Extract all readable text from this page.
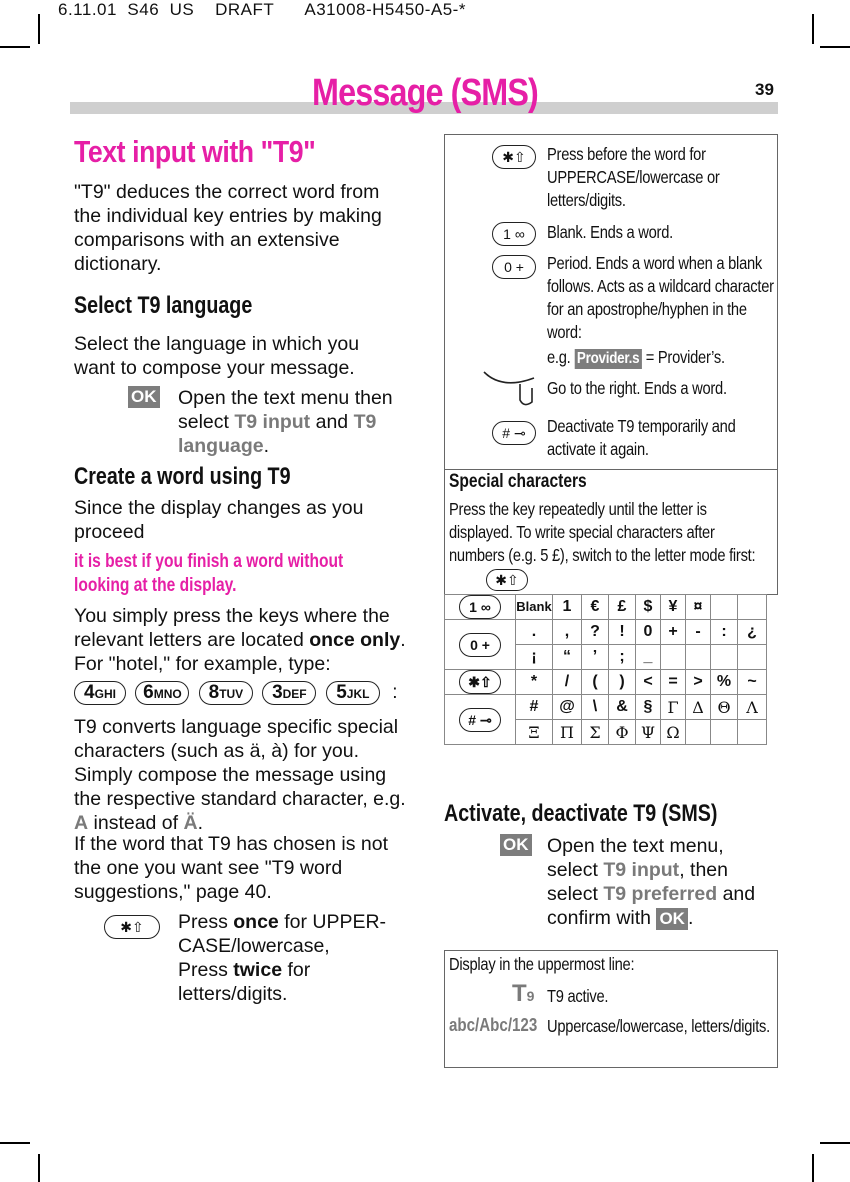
6.11.01  S46  US    DRAFT      A31008-H5450-A5-*
Message (SMS)	39
Text input with "T9"
"T9" deduces the correct word from the individual key entries by making comparisons with an extensive dictionary.
Select T9 language
Select the language in which you want to compose your message.
OK Open the text menu then select T9 input and T9 language.
Create a word using T9
Since the display changes as you proceed
it is best if you finish a word without looking at the display.
You simply press the keys where the relevant letters are located once only. For "hotel," for example, type:
4GHI 6MNO 8TUV 3DEF 5JKL :
T9 converts language specific special characters (such as ä, à) for you. Simply compose the message using the respective standard character, e.g. A instead of Ä.
If the word that T9 has chosen is not the one you want see "T9 word suggestions," page 40.
✱⇧	Press once for UPPER-CASE/lowercase,
Press twice for letters/digits.
✱⇧	Press before the word for UPPERCASE/lowercase or letters/digits.
1 ∞	Blank. Ends a word.
0 +	Period. Ends a word when a blank follows. Acts as a wildcard character for an apostrophe/hyphen in the word:
e.g. Provider.s = Provider’s.
Go to the right. Ends a word.
# ⊸	Deactivate T9 temporarily and activate it again.
Special characters
Press the key repeatedly until the letter is displayed. To write special characters after numbers (e.g. 5 £), switch to the letter mode first:
✱⇧
1 ∞	Blank	1	€	£	$	¥	¤		
0 +	.	,	?	!	0	+	-	:	¿
	¡	“	’	;	_				
✱⇧	*	/	(	)	<	=	>	%	~
# ⊸	#	@	\	&	§	Γ	Δ	Θ	Λ
	Ξ	Π	Σ	Φ	Ψ	Ω			
Activate, deactivate T9 (SMS)
OK Open the text menu, select T9 input, then select T9 preferred and confirm with OK .
Display in the uppermost line:
T9 T9 active.
abc/Abc/123 Uppercase/lowercase, letters/digits.
